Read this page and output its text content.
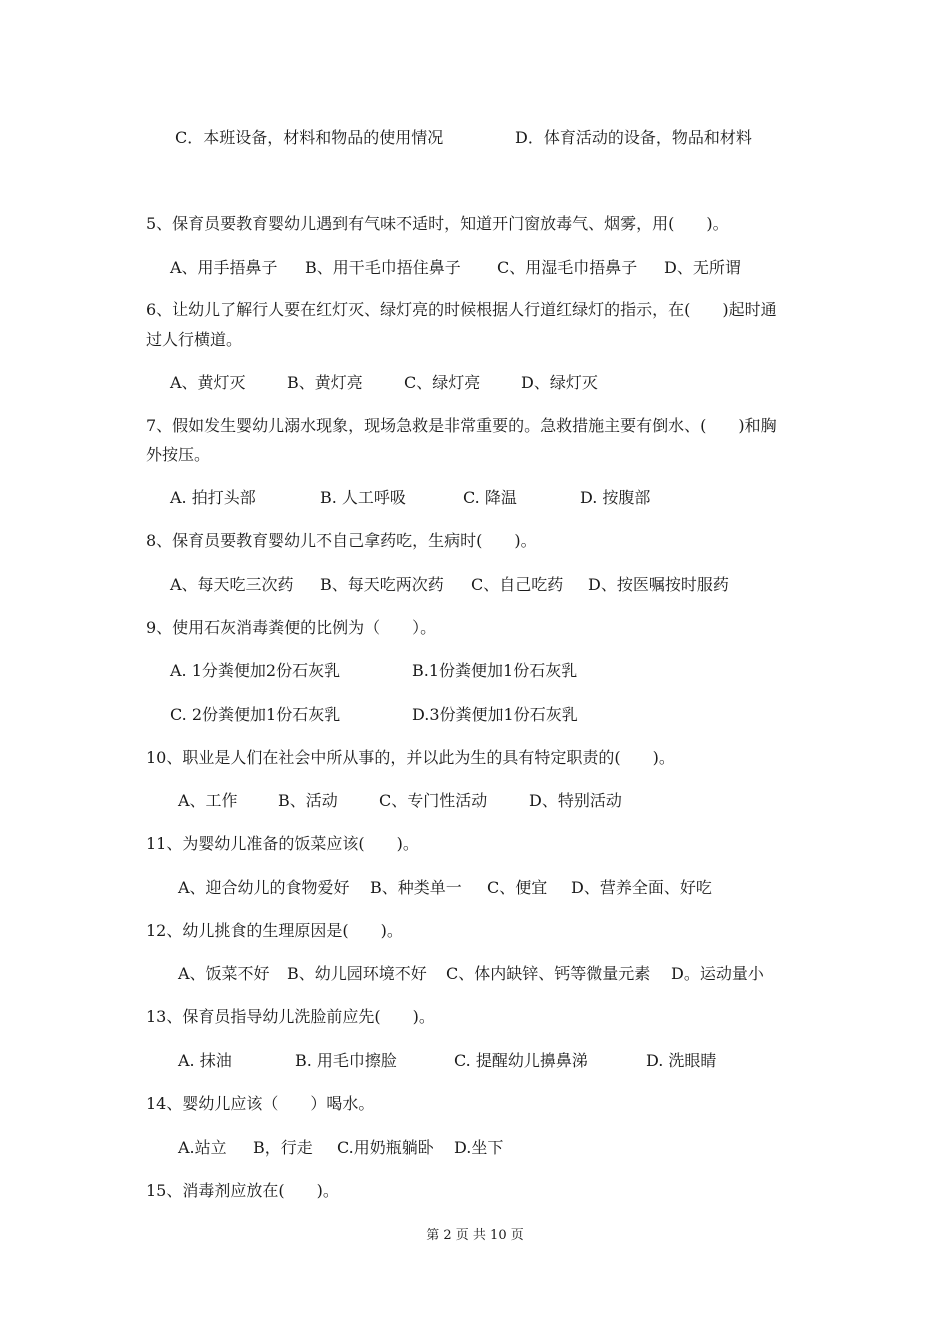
C．本班设备，材料和物品的使用情况	D．体育活动的设备，物品和材料
5、保育员要教育婴幼儿遇到有气味不适时，知道开门窗放毒气、烟雾，用(　　)。
A、用手捂鼻子 B、用干毛巾捂住鼻子 C、用湿毛巾捂鼻子 D、无所谓
6、让幼儿了解行人要在红灯灭、绿灯亮的时候根据人行道红绿灯的指示，在(　　)起时通
过人行横道。
A、黄灯灭	B、黄灯亮	C、绿灯亮	D、绿灯灭
7、假如发生婴幼儿溺水现象，现场急救是非常重要的。急救措施主要有倒水、(　　)和胸
外按压。
A. 拍打头部	B. 人工呼吸	C. 降温	D. 按腹部
8、保育员要教育婴幼儿不自己拿药吃，生病时(　　)。
A、每天吃三次药 B、每天吃两次药 C、自己吃药 D、按医嘱按时服药
9、使用石灰消毒粪便的比例为（　　）。
A. 1分粪便加2份石灰乳	B.1份粪便加1份石灰乳
C. 2份粪便加1份石灰乳	D.3份粪便加1份石灰乳
10、职业是人们在社会中所从事的，并以此为生的具有特定职责的(　　)。
A、工作	B、活动	C、专门性活动	D、特别活动
11、为婴幼儿准备的饭菜应该(　　)。
A、迎合幼儿的食物爱好 B、种类单一 C、便宜 D、营养全面、好吃
12、幼儿挑食的生理原因是(　　)。
A、饭菜不好 B、幼儿园环境不好 C、体内缺锌、钙等微量元素 D。运动量小
13、保育员指导幼儿洗脸前应先(　　)。
A. 抹油	B. 用毛巾擦脸	C. 提醒幼儿擤鼻涕	D. 洗眼睛
14、婴幼儿应该（　　）喝水。
A.站立 B，行走 C.用奶瓶躺卧 D.坐下
15、消毒剂应放在(　　)。
第 2 页 共 10 页
